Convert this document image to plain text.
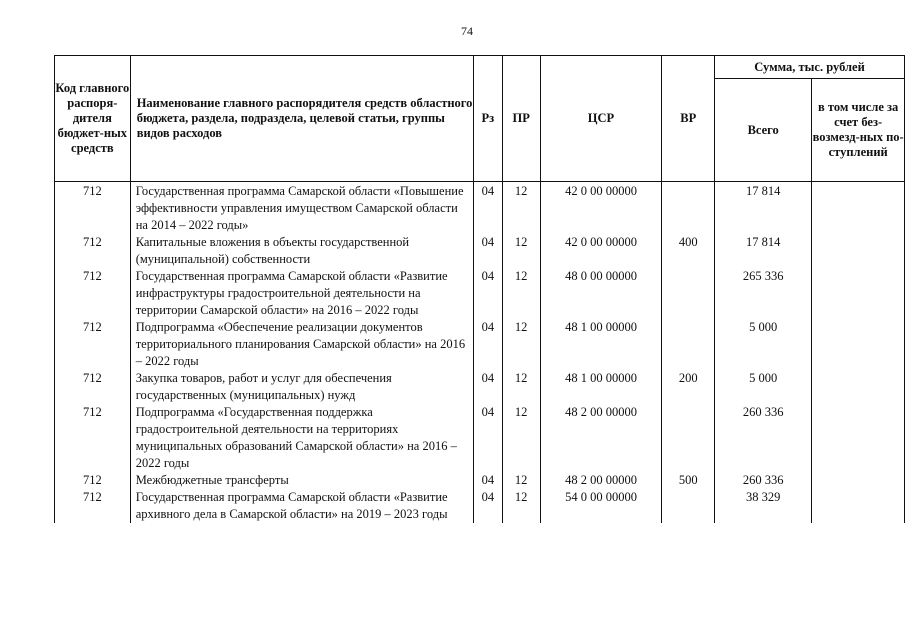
74
Код главного распоря-дителя бюджет-ных средств	Наименование главного распорядителя средств областного бюджета, раздела, подраздела, целевой статьи, группы видов расходов	Рз	ПР	ЦСР	ВР	Сумма, тыс. рублей	
						Всего	в том числе за счет без-возмезд-ных по-ступлений
712	Государственная программа Самарской области «Повышение эффективности управления имуществом Самарской области на 2014 – 2022 годы»	04	12	42 0 00 00000		17 814	
712	Капитальные вложения в объекты государственной (муниципальной) собственности	04	12	42 0 00 00000	400	17 814	
712	Государственная программа Самарской области «Развитие инфраструктуры градостроительной деятельности на территории Самарской области» на 2016 – 2022 годы	04	12	48 0 00 00000		265 336	
712	Подпрограмма «Обеспечение реализации документов территориального планирования Самарской области» на 2016 – 2022 годы	04	12	48 1 00 00000		5 000	
712	Закупка товаров, работ и услуг для обеспечения государственных (муниципальных) нужд	04	12	48 1 00 00000	200	5 000	
712	Подпрограмма «Государственная поддержка градостроительной деятельности на территориях муниципальных образований Самарской области» на 2016 – 2022 годы	04	12	48 2 00 00000		260 336	
712	Межбюджетные трансферты	04	12	48 2 00 00000	500	260 336	
712	Государственная программа Самарской области «Развитие архивного дела в Самарской области» на 2019 – 2023 годы	04	12	54 0 00 00000		38 329	
